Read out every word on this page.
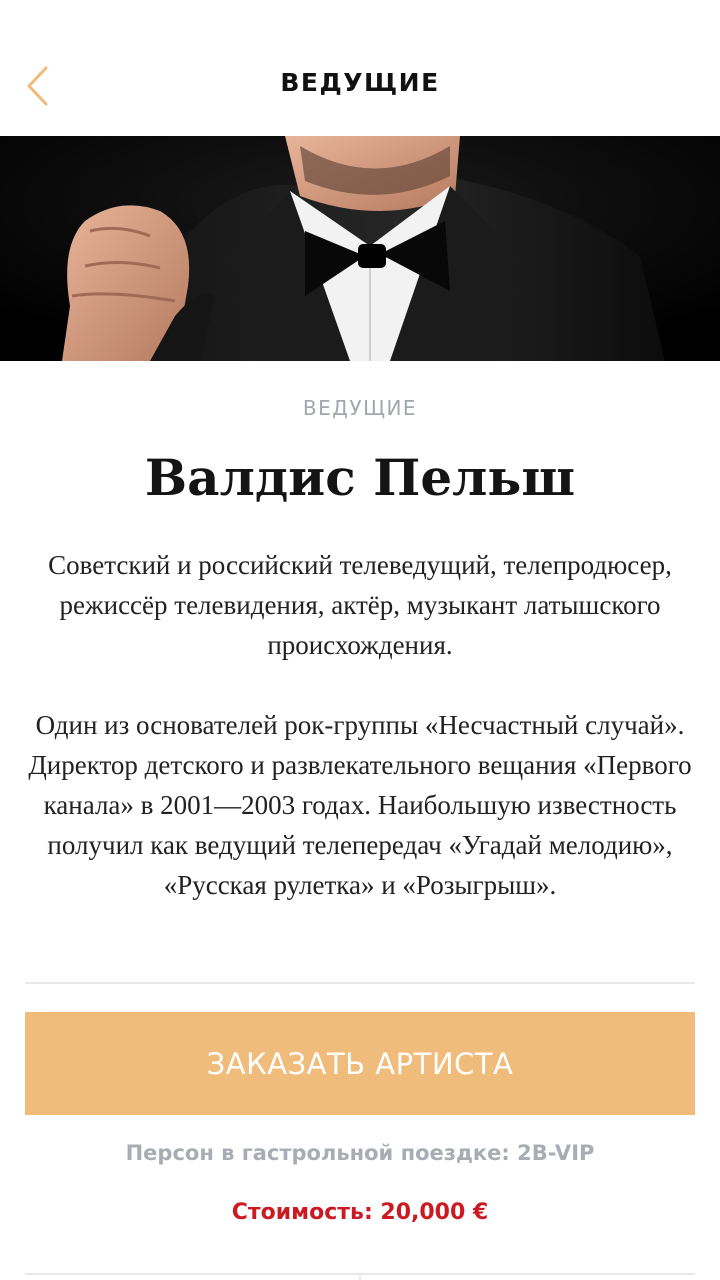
ВЕДУЩИЕ
ВЕДУЩИЕ
Валдис Пельш

Советский и российский телеведущий, телепродюсер, режиссёр телевидения, актёр, музыкант латышского происхождения.

Один из основателей рок-группы «Несчастный случай». Директор детского и развлекательного вещания «Первого канала» в 2001—2003 годах. Наибольшую известность получил как ведущий телепередач «Угадай мелодию», «Русская рулетка» и «Розыгрыш».

ЗАКАЗАТЬ АРТИСТА
Персон в гастрольной поездке: 2B-VIP
Стоимость: 20,000 €
